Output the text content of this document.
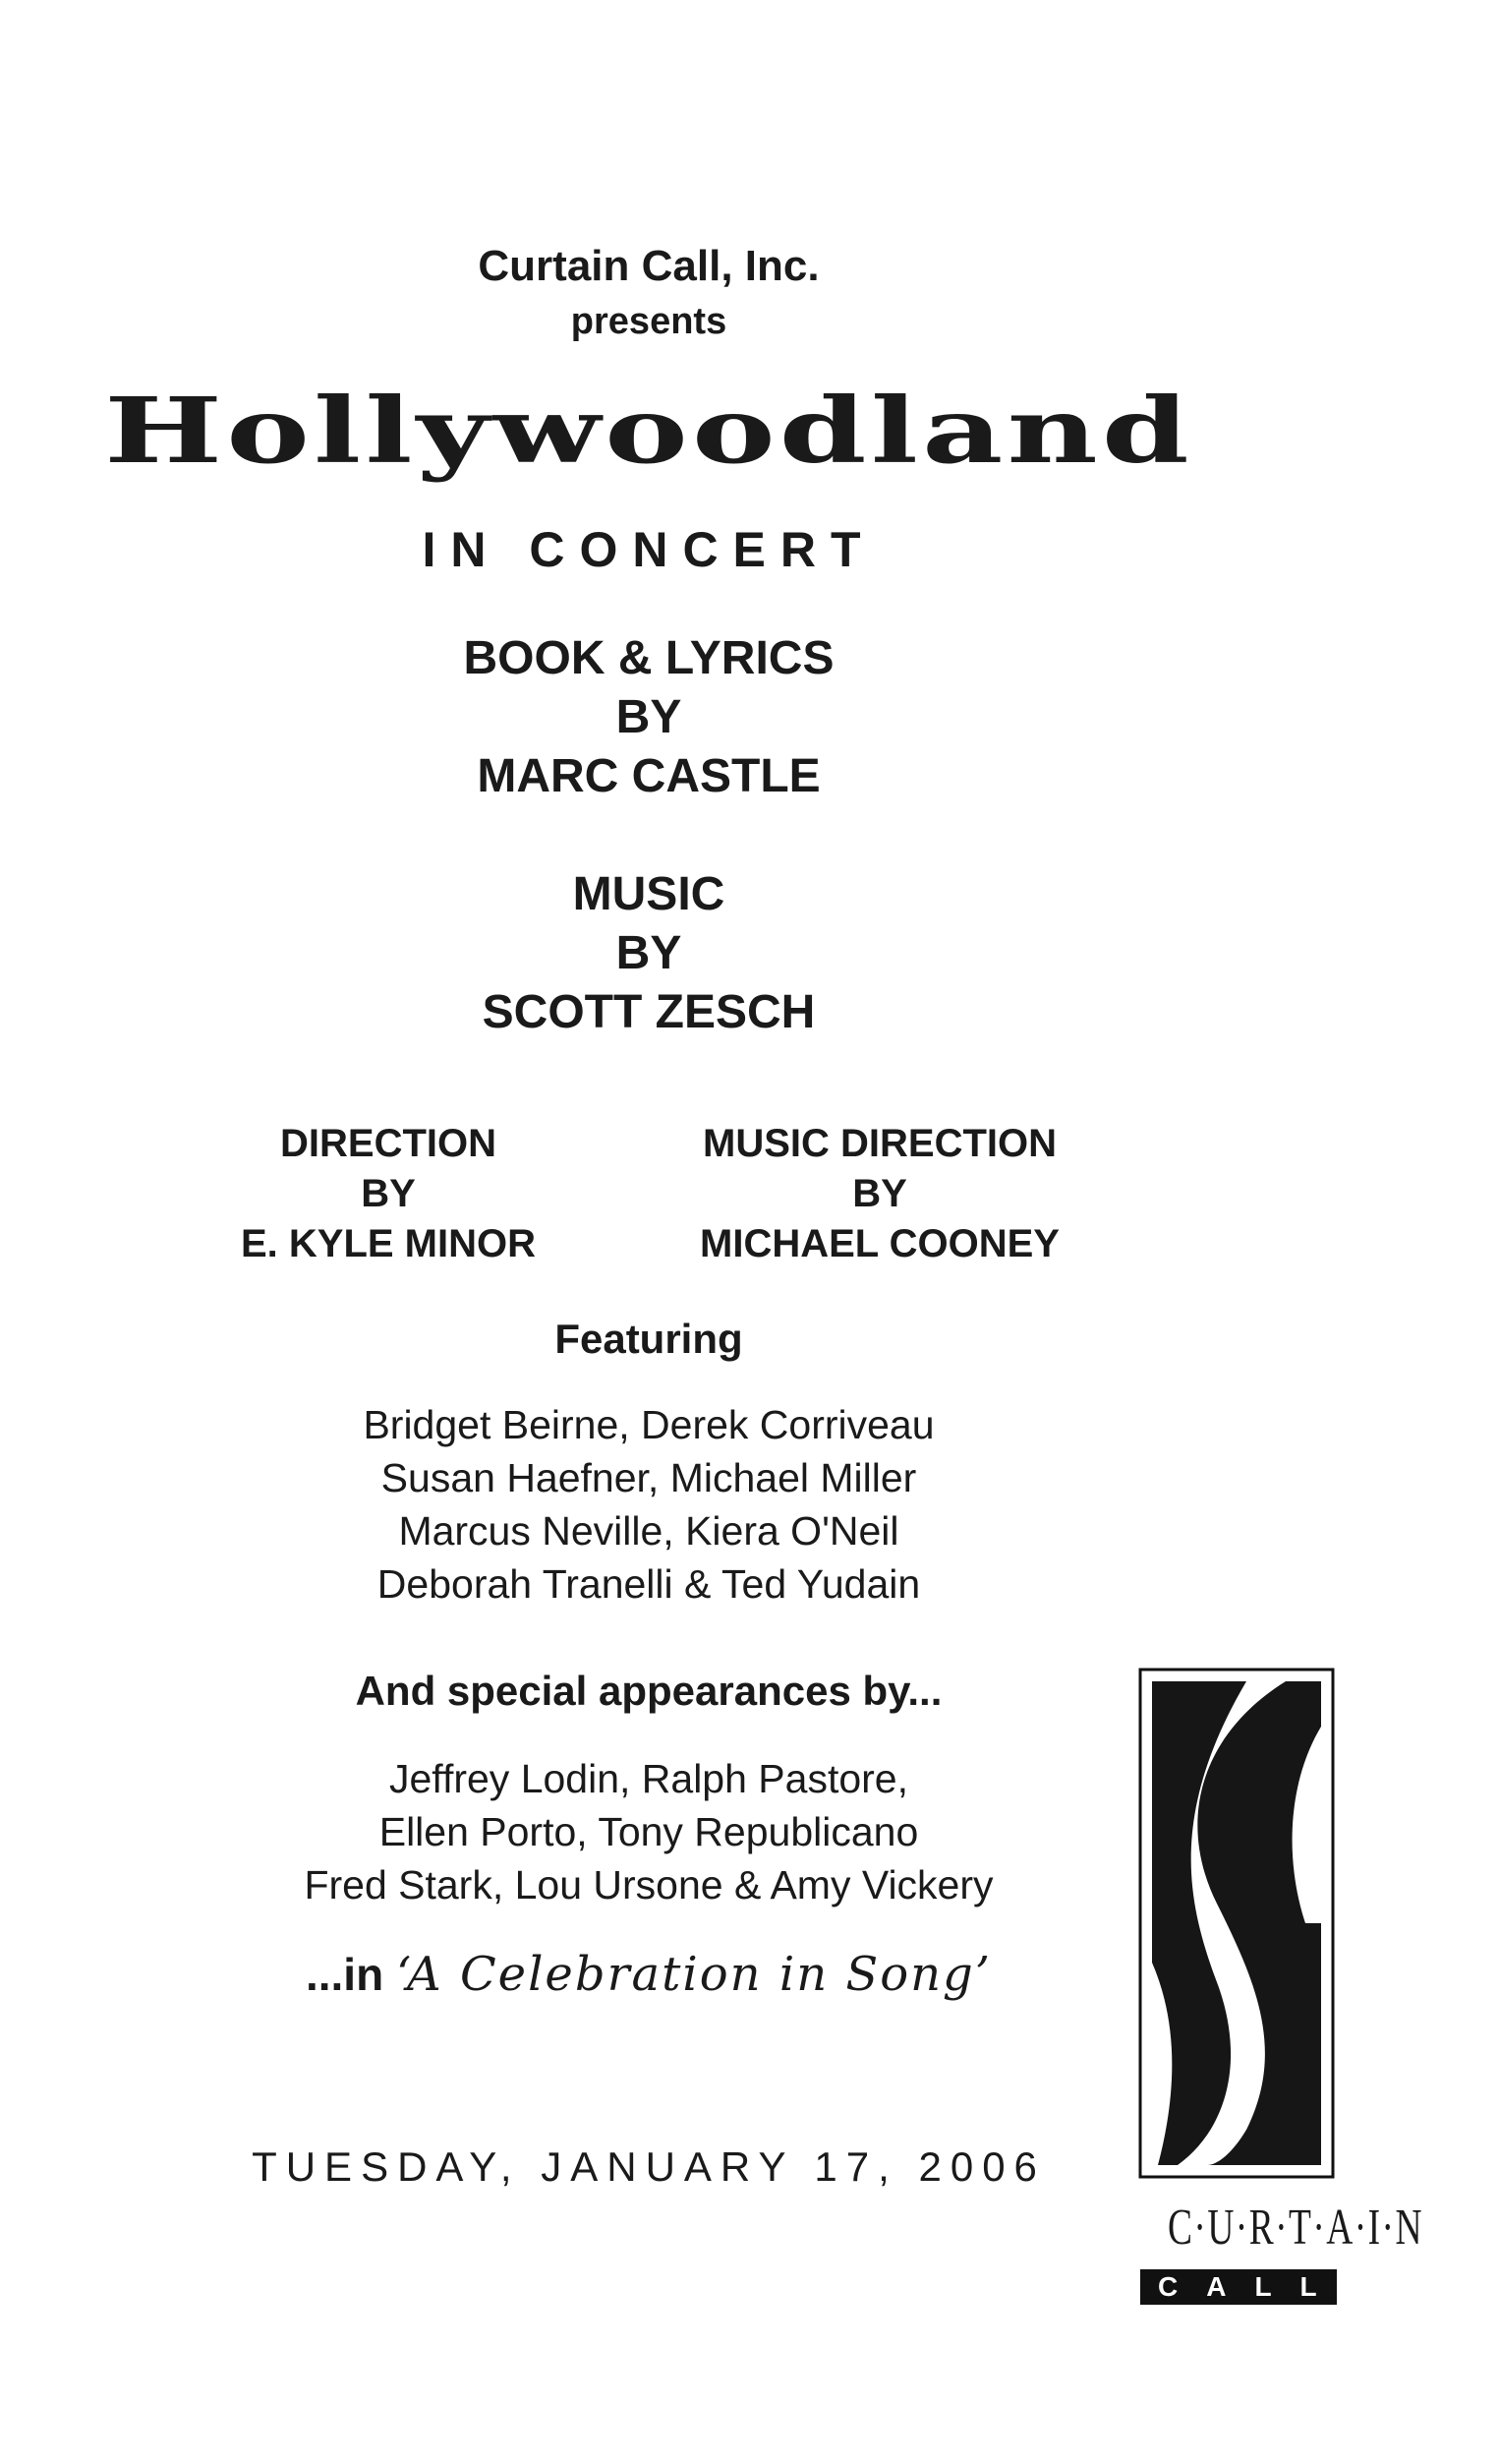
Curtain Call, Inc.
presents
Hollywoodland
IN CONCERT
BOOK & LYRICS
BY
MARC CASTLE
MUSIC
BY
SCOTT ZESCH
DIRECTION
BY
E. KYLE MINOR
MUSIC DIRECTION
BY
MICHAEL COONEY
Featuring
Bridget Beirne, Derek Corriveau
Susan Haefner, Michael Miller
Marcus Neville, Kiera O'Neil
Deborah Tranelli & Ted Yudain
And special appearances by...
Jeffrey Lodin, Ralph Pastore,
Ellen Porto, Tony Republicano
Fred Stark, Lou Ursone & Amy Vickery
...in ‘A Celebration in Song’
TUESDAY, JANUARY 17, 2006
C·U·R·T·A·I·N
CALL
